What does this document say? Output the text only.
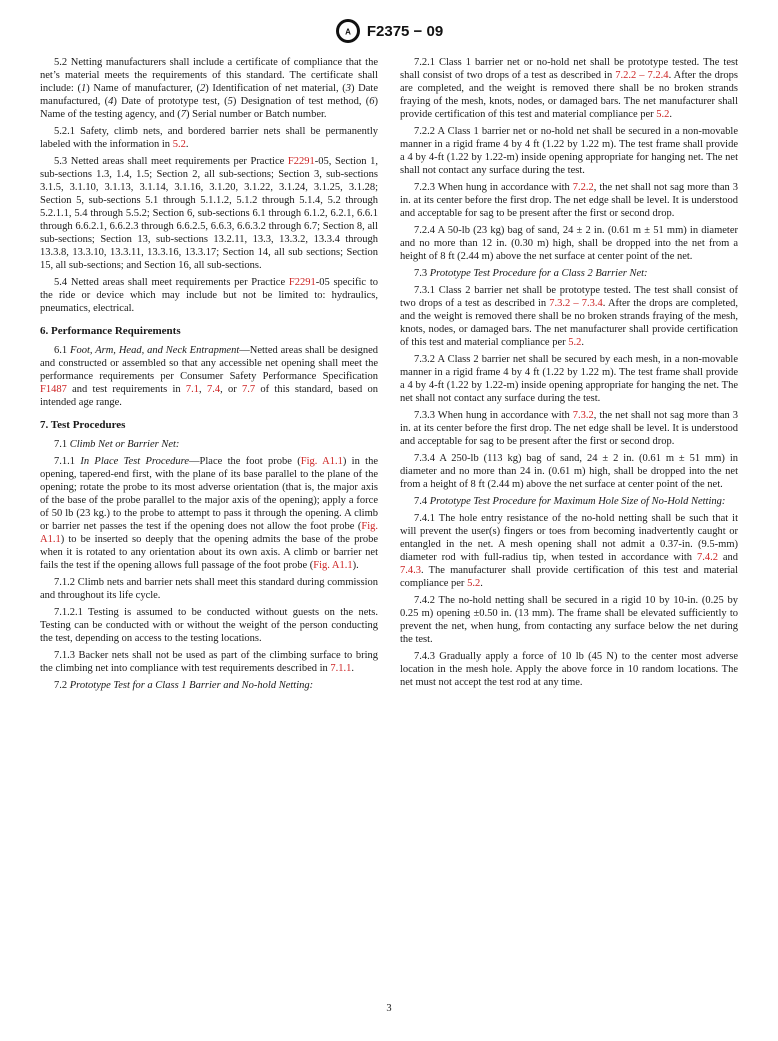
A F2375 − 09

5.2 Netting manufacturers shall include a certificate of compliance that the net’s material meets the requirements of this standard. The certificate shall include: (1) Name of manufacturer, (2) Identification of net material, (3) Date manufactured, (4) Date of prototype test, (5) Designation of test method, (6) Name of the testing agency, and (7) Serial number or Batch number.

5.2.1 Safety, climb nets, and bordered barrier nets shall be permanently labeled with the information in 5.2.

5.3 Netted areas shall meet requirements per Practice F2291-05, Section 1, sub-sections 1.3, 1.4, 1.5; Section 2, all sub-sections; Section 3, sub-sections 3.1.5, 3.1.10, 3.1.13, 3.1.14, 3.1.16, 3.1.20, 3.1.22, 3.1.24, 3.1.25, 3.1.28; Section 5, sub-sections 5.1 through 5.1.1.2, 5.1.2 through 5.1.4, 5.2 through 5.2.1.1, 5.4 through 5.5.2; Section 6, sub-sections 6.1 through 6.1.2, 6.2.1, 6.6.1 through 6.6.2.1, 6.6.2.3 through 6.6.2.5, 6.6.3, 6.6.3.2 through 6.7; Section 8, all sub-sections; Section 13, sub-sections 13.2.11, 13.3, 13.3.2, 13.3.4 through 13.3.8, 13.3.10, 13.3.11, 13.3.16, 13.3.17; Section 14, all sub sections; Section 15, all sub-sections; and Section 16, all sub-sections.

5.4 Netted areas shall meet requirements per Practice F2291-05 specific to the ride or device which may include but not be limited to: hydraulics, pneumatics, electrical.

6. Performance Requirements

6.1 Foot, Arm, Head, and Neck Entrapment—Netted areas shall be designed and constructed or assembled so that any accessible net opening shall meet the performance requirements per Consumer Safety Performance Specification F1487 and test requirements in 7.1, 7.4, or 7.7 of this standard, based on intended age range.

7. Test Procedures

7.1 Climb Net or Barrier Net:

7.1.1 In Place Test Procedure—Place the foot probe (Fig. A1.1) in the opening, tapered-end first, with the plane of its base parallel to the plane of the opening; rotate the probe to its most adverse orientation (that is, the major axis of the base of the probe parallel to the major axis of the opening); apply a force of 50 lb (23 kg.) to the probe to attempt to pass it through the opening. A climb or barrier net passes the test if the opening does not allow the foot probe (Fig. A1.1) to be inserted so deeply that the opening admits the base of the probe when it is rotated to any orientation about its own axis. A climb or barrier net fails the test if the opening allows full passage of the foot probe (Fig. A1.1).

7.1.2 Climb nets and barrier nets shall meet this standard during commission and throughout its life cycle.

7.1.2.1 Testing is assumed to be conducted without guests on the nets. Testing can be conducted with or without the weight of the person conducting the test, depending on access to the testing locations.

7.1.3 Backer nets shall not be used as part of the climbing surface to bring the climbing net into compliance with test requirements described in 7.1.1.

7.2 Prototype Test for a Class 1 Barrier and No-hold Netting:

7.2.1 Class 1 barrier net or no-hold net shall be prototype tested. The test shall consist of two drops of a test as described in 7.2.2 – 7.2.4. After the drops are completed, and the weight is removed there shall be no broken strands fraying of the mesh, knots, nodes, or damaged bars. The net manufacturer shall provide certification of this test and material compliance per 5.2.

7.2.2 A Class 1 barrier net or no-hold net shall be secured in a non-movable manner in a rigid frame 4 by 4 ft (1.22 by 1.22 m). The test frame shall provide a 4 by 4-ft (1.22 by 1.22-m) inside opening appropriate for hanging net. The net shall not contact any surface during the test.

7.2.3 When hung in accordance with 7.2.2, the net shall not sag more than 3 in. at its center before the first drop. The net edge shall be level. It is understood and acceptable for sag to be present after the first or second drop.

7.2.4 A 50-lb (23 kg) bag of sand, 24 ± 2 in. (0.61 m ± 51 mm) in diameter and no more than 12 in. (0.30 m) high, shall be dropped into the net from a height of 8 ft (2.44 m) above the net surface at center point of the net.

7.3 Prototype Test Procedure for a Class 2 Barrier Net:

7.3.1 Class 2 barrier net shall be prototype tested. The test shall consist of two drops of a test as described in 7.3.2 – 7.3.4. After the drops are completed, and the weight is removed there shall be no broken strands fraying of the mesh, knots, nodes, or damaged bars. The net manufacturer shall provide certification of this test and material compliance per 5.2.

7.3.2 A Class 2 barrier net shall be secured by each mesh, in a non-movable manner in a rigid frame 4 by 4 ft (1.22 by 1.22 m). The test frame shall provide a 4 by 4-ft (1.22 by 1.22-m) inside opening appropriate for hanging the net. The net shall not contact any surface during the test.

7.3.3 When hung in accordance with 7.3.2, the net shall not sag more than 3 in. at its center before the first drop. The net edge shall be level. It is understood and acceptable for sag to be present after the first or second drop.

7.3.4 A 250-lb (113 kg) bag of sand, 24 ± 2 in. (0.61 m ± 51 mm) in diameter and no more than 24 in. (0.61 m) high, shall be dropped into the net from a height of 8 ft (2.44 m) above the net surface at center point of the net.

7.4 Prototype Test Procedure for Maximum Hole Size of No-Hold Netting:

7.4.1 The hole entry resistance of the no-hold netting shall be such that it will prevent the user(s) fingers or toes from becoming inadvertently caught or entangled in the net. A mesh opening shall not admit a 0.37-in. (9.5-mm) diameter rod with full-radius tip, when tested in accordance with 7.4.2 and 7.4.3. The manufacturer shall provide certification of this test and material compliance per 5.2.

7.4.2 The no-hold netting shall be secured in a rigid 10 by 10-in. (0.25 by 0.25 m) opening ±0.50 in. (13 mm). The frame shall be elevated sufficiently to prevent the net, when hung, from contacting any surface below the net during the test.

7.4.3 Gradually apply a force of 10 lb (45 N) to the center most adverse location in the mesh hole. Apply the above force in 10 random locations. The net must not accept the test rod at any time.

3
